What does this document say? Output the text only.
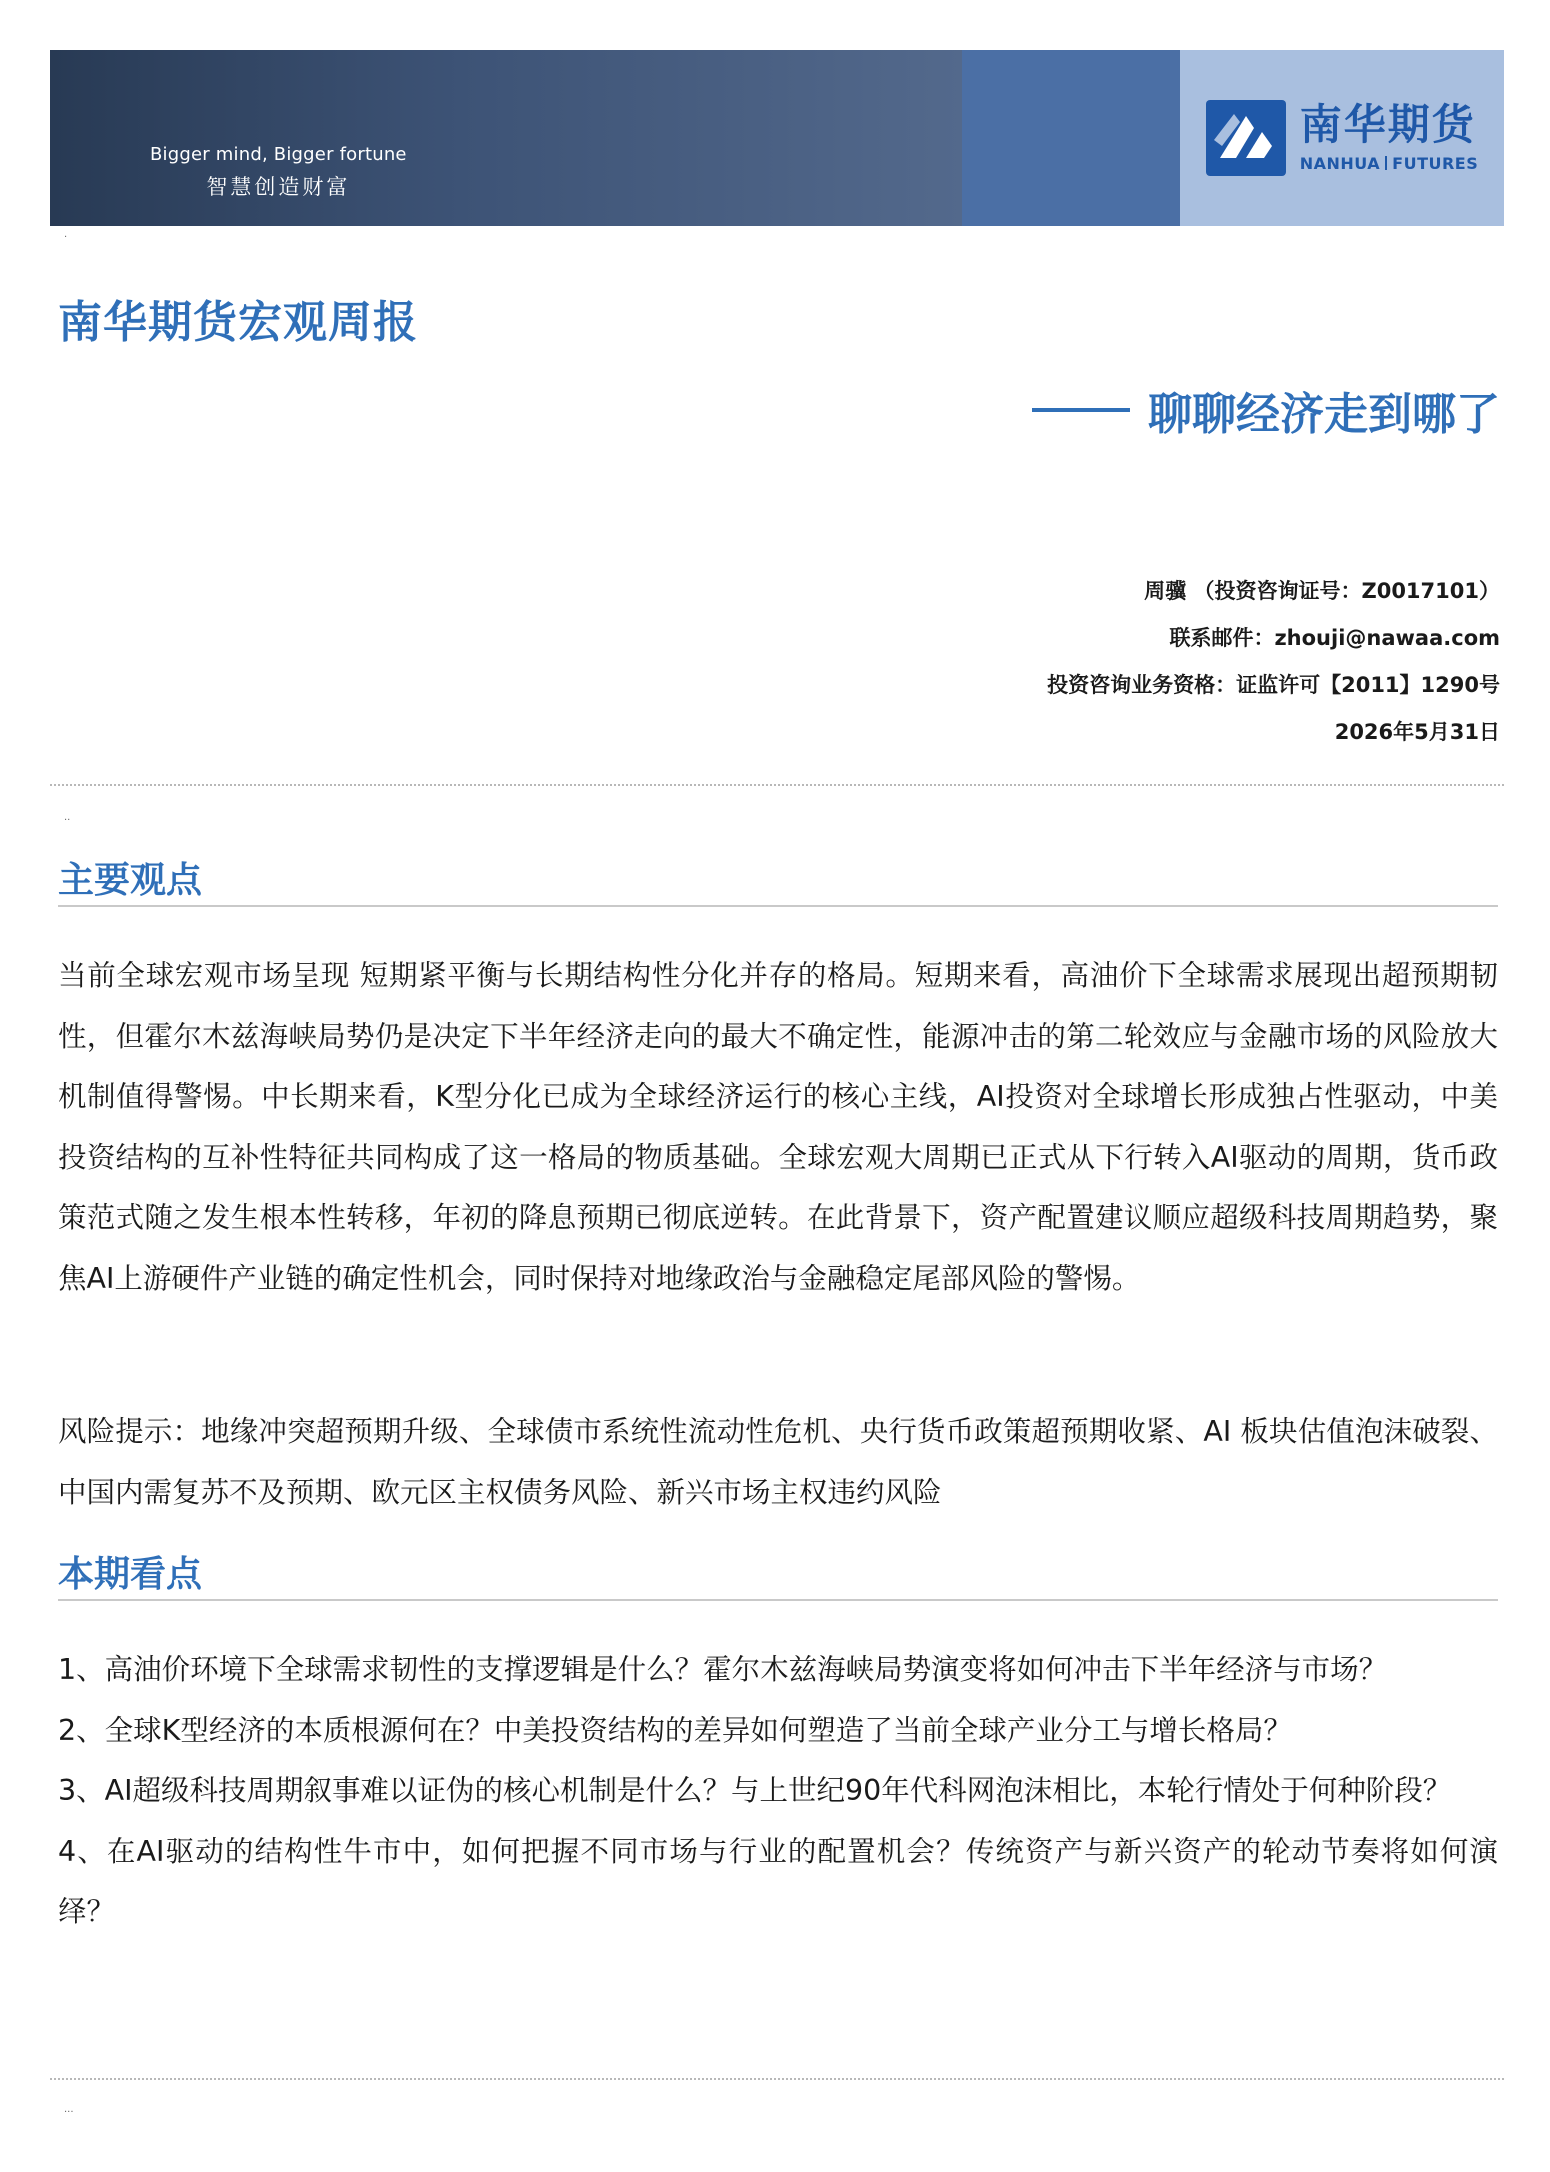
Bigger mind, Bigger fortune
智慧创造财富
南华期货
NANHUA FUTURES
·
南华期货宏观周报
聊聊经济走到哪了
周骥 （投资咨询证号：Z0017101）
联系邮件：zhouji@nawaa.com
投资咨询业务资格：证监许可【2011】1290号
2026年5月31日
..
主要观点
当前全球宏观市场呈现 短期紧平衡与长期结构性分化并存的格局。短期来看，高油价下全球需求展现出超预期韧性，但霍尔木兹海峡局势仍是决定下半年经济走向的最大不确定性，能源冲击的第二轮效应与金融市场的风险放大机制值得警惕。中长期来看，K型分化已成为全球经济运行的核心主线，AI投资对全球增长形成独占性驱动，中美投资结构的互补性特征共同构成了这一格局的物质基础。全球宏观大周期已正式从下行转入AI驱动的周期，货币政策范式随之发生根本性转移，年初的降息预期已彻底逆转。在此背景下，资产配置建议顺应超级科技周期趋势，聚焦AI上游硬件产业链的确定性机会，同时保持对地缘政治与金融稳定尾部风险的警惕。
风险提示：地缘冲突超预期升级、全球债市系统性流动性危机、央行货币政策超预期收紧、AI 板块估值泡沫破裂、中国内需复苏不及预期、欧元区主权债务风险、新兴市场主权违约风险
本期看点
1、高油价环境下全球需求韧性的支撑逻辑是什么？霍尔木兹海峡局势演变将如何冲击下半年经济与市场？
2、全球K型经济的本质根源何在？中美投资结构的差异如何塑造了当前全球产业分工与增长格局？
3、AI超级科技周期叙事难以证伪的核心机制是什么？与上世纪90年代科网泡沫相比，本轮行情处于何种阶段？
4、在AI驱动的结构性牛市中，如何把握不同市场与行业的配置机会？传统资产与新兴资产的轮动节奏将如何演绎？
...
